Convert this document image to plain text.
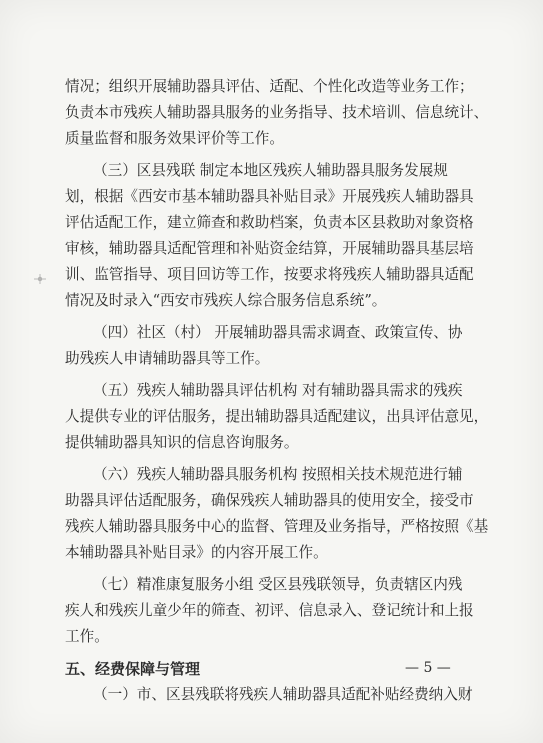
情况；组织开展辅助器具评估、适配、个性化改造等业务工作；
负责本市残疾人辅助器具服务的业务指导、技术培训、信息统计、
质量监督和服务效果评价等工作。
（三）区县残联 制定本地区残疾人辅助器具服务发展规
划，根据《西安市基本辅助器具补贴目录》开展残疾人辅助器具
评估适配工作，建立筛查和救助档案，负责本区县救助对象资格
审核，辅助器具适配管理和补贴资金结算，开展辅助器具基层培
训、监管指导、项目回访等工作，按要求将残疾人辅助器具适配
情况及时录入“西安市残疾人综合服务信息系统”。
（四）社区（村） 开展辅助器具需求调查、政策宣传、协
助残疾人申请辅助器具等工作。
（五）残疾人辅助器具评估机构 对有辅助器具需求的残疾
人提供专业的评估服务，提出辅助器具适配建议，出具评估意见，
提供辅助器具知识的信息咨询服务。
（六）残疾人辅助器具服务机构 按照相关技术规范进行辅
助器具评估适配服务，确保残疾人辅助器具的使用安全，接受市
残疾人辅助器具服务中心的监督、管理及业务指导，严格按照《基
本辅助器具补贴目录》的内容开展工作。
（七）精准康复服务小组 受区县残联领导，负责辖区内残
疾人和残疾儿童少年的筛查、初评、信息录入、登记统计和上报
工作。
五、经费保障与管理
（一）市、区县残联将残疾人辅助器具适配补贴经费纳入财
— 5 —
